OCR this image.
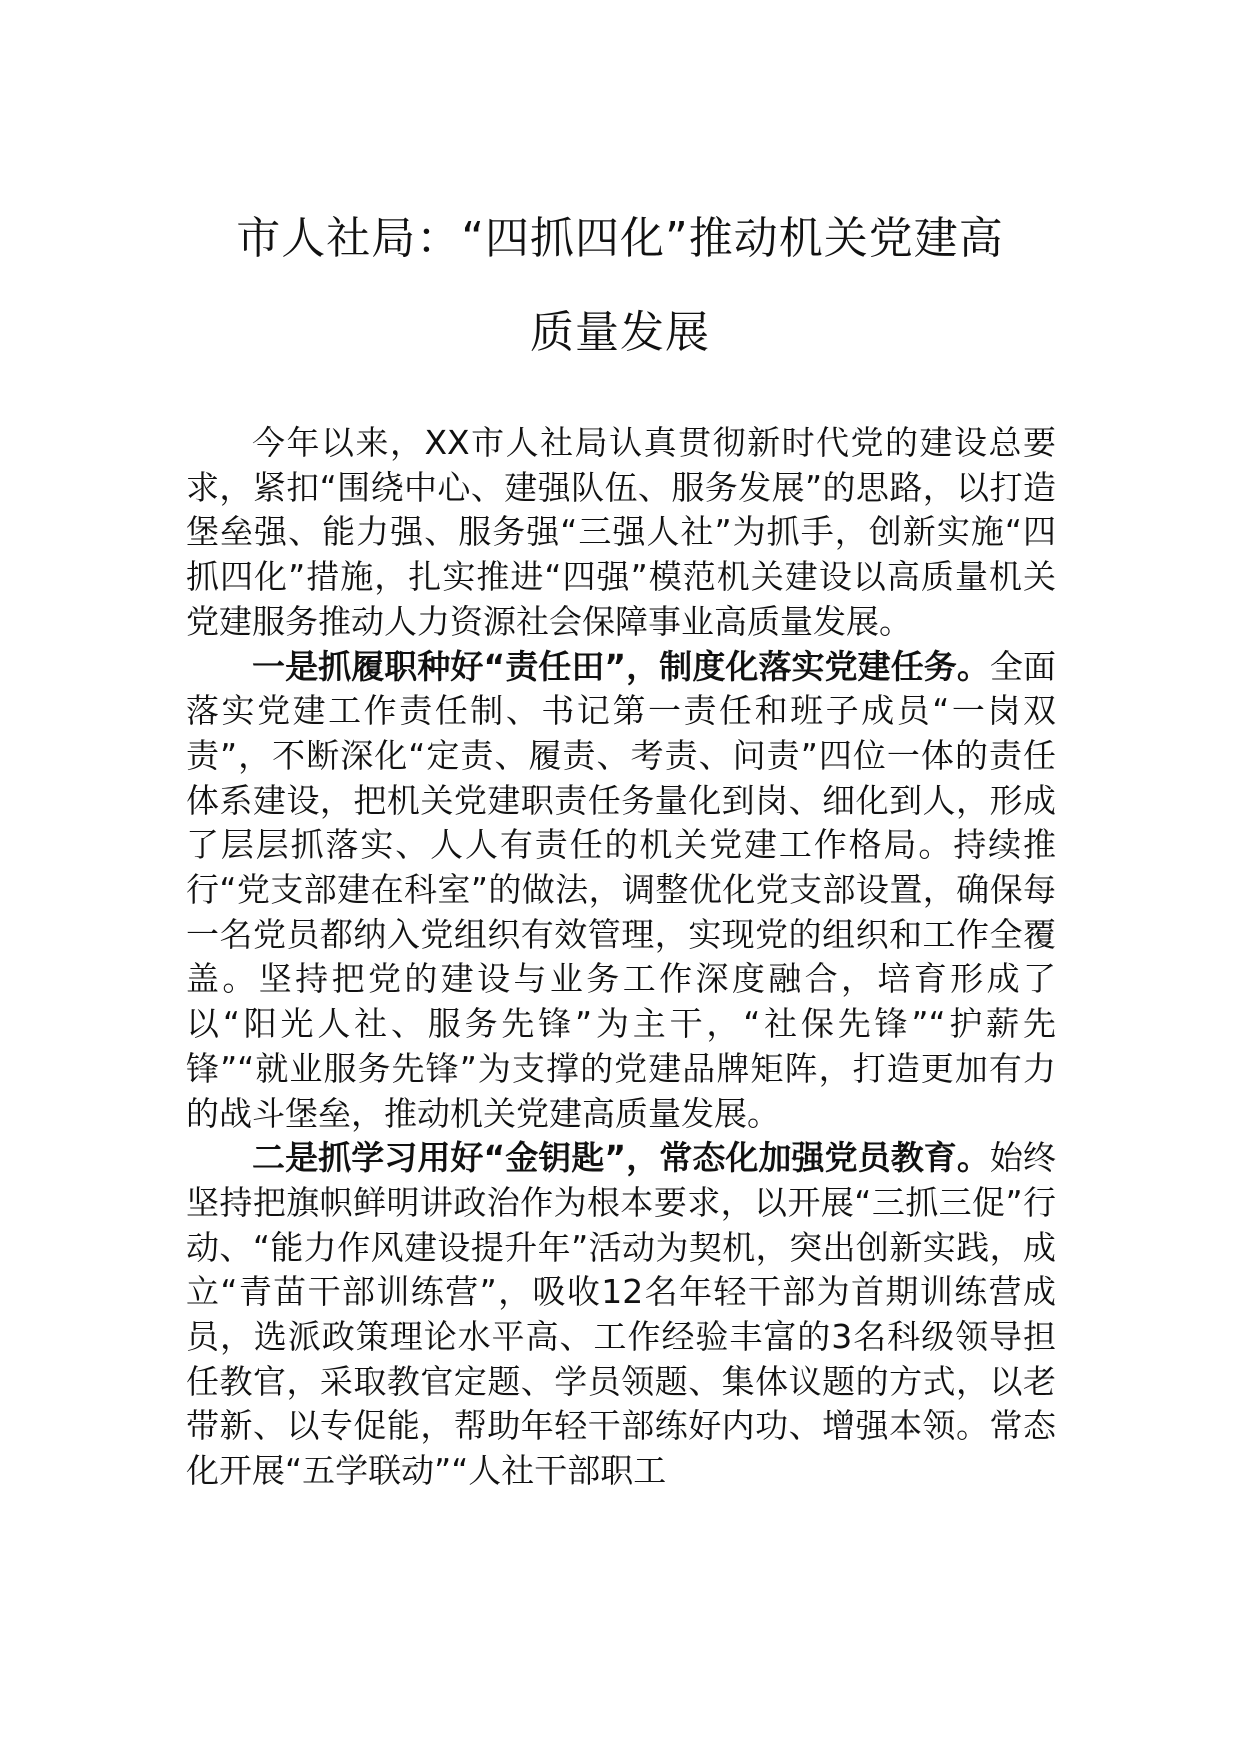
市人社局：“四抓四化”推动机关党建高
质量发展

今年以来，XX市人社局认真贯彻新时代党的建设总要求，紧扣“围绕中心、建强队伍、服务发展”的思路，以打造堡垒强、能力强、服务强“三强人社”为抓手，创新实施“四抓四化”措施，扎实推进“四强”模范机关建设以高质量机关党建服务推动人力资源社会保障事业高质量发展。

一是抓履职种好“责任田”，制度化落实党建任务。全面落实党建工作责任制、书记第一责任和班子成员“一岗双责”，不断深化“定责、履责、考责、问责”四位一体的责任体系建设，把机关党建职责任务量化到岗、细化到人，形成了层层抓落实、人人有责任的机关党建工作格局。持续推行“党支部建在科室”的做法，调整优化党支部设置，确保每一名党员都纳入党组织有效管理，实现党的组织和工作全覆盖。坚持把党的建设与业务工作深度融合，培育形成了以“阳光人社、服务先锋”为主干，“社保先锋”“护薪先锋”“就业服务先锋”为支撑的党建品牌矩阵，打造更加有力的战斗堡垒，推动机关党建高质量发展。

二是抓学习用好“金钥匙”，常态化加强党员教育。始终坚持把旗帜鲜明讲政治作为根本要求，以开展“三抓三促”行动、“能力作风建设提升年”活动为契机，突出创新实践，成立“青苗干部训练营”，吸收12名年轻干部为首期训练营成员，选派政策理论水平高、工作经验丰富的3名科级领导担任教官，采取教官定题、学员领题、集体议题的方式，以老带新、以专促能，帮助年轻干部练好内功、增强本领。常态化开展“五学联动”“人社干部职工
